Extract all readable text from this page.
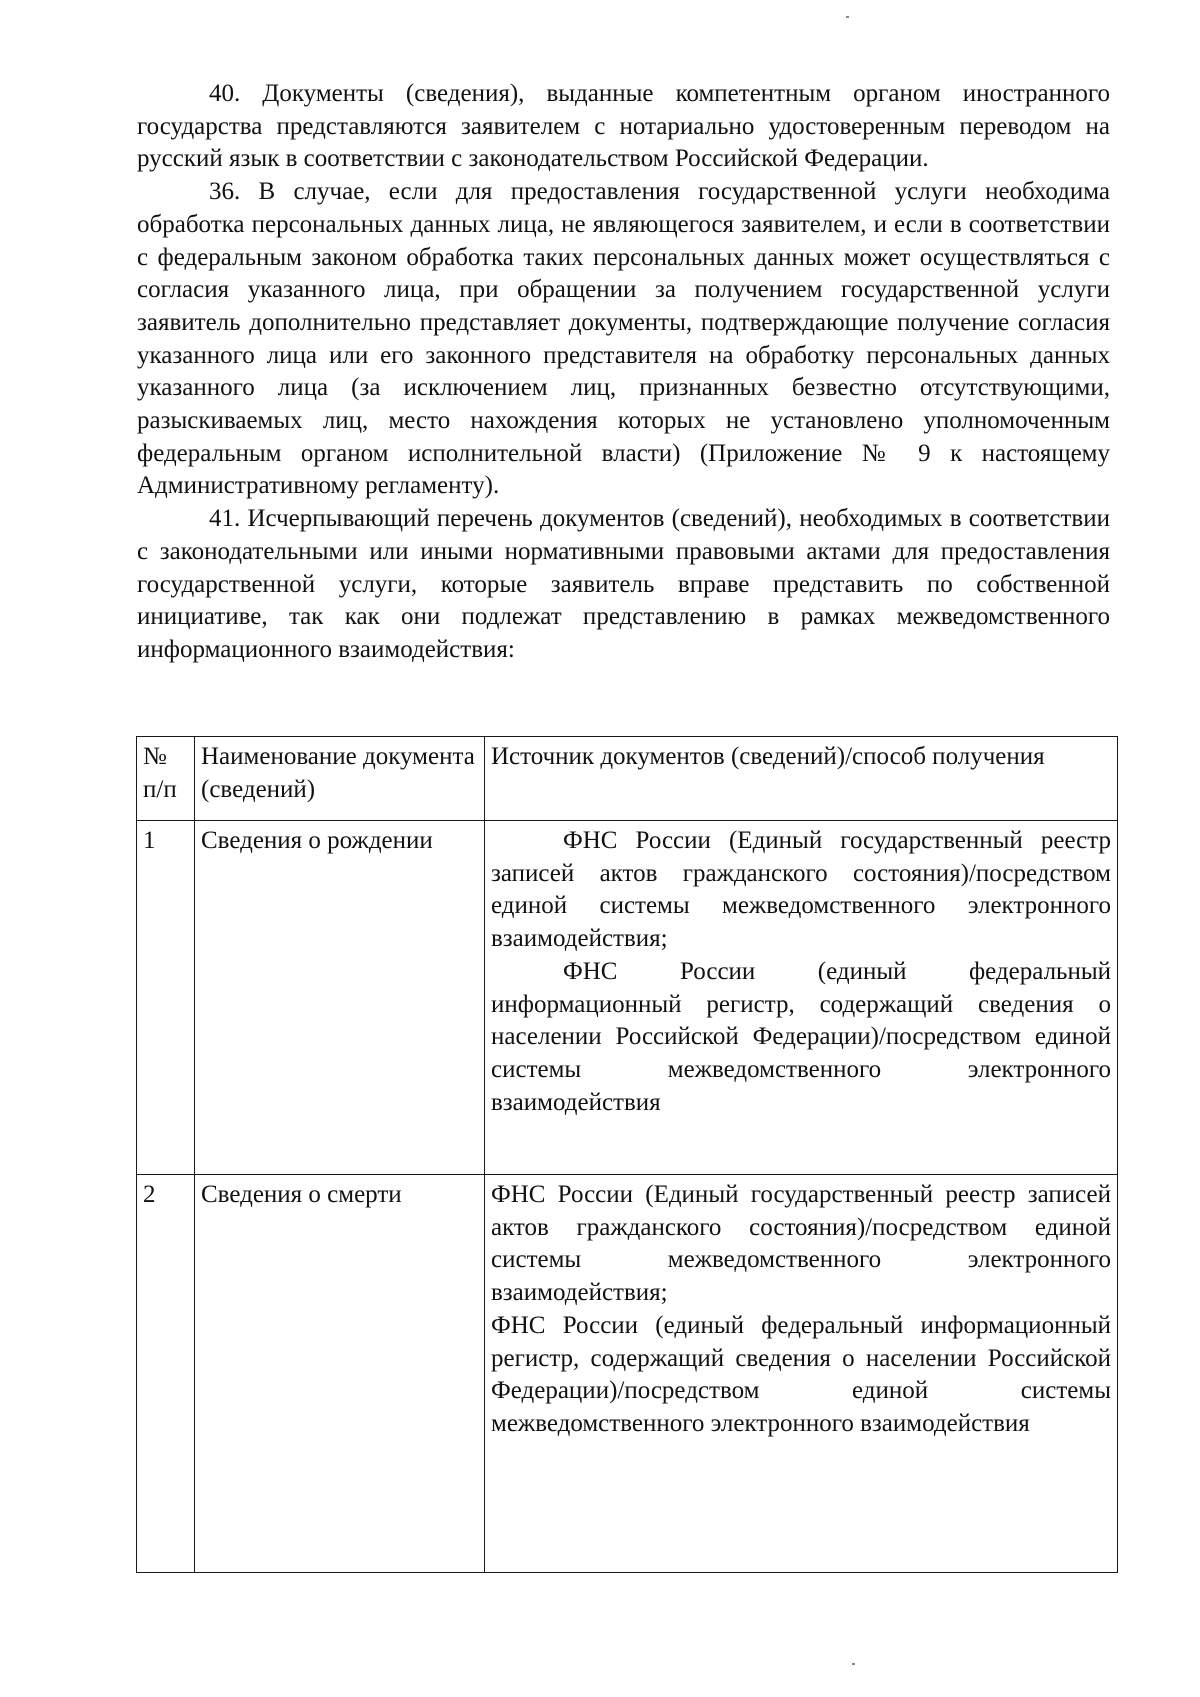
40. Документы (сведения), выданные компетентным органом иностранного государства представляются заявителем с нотариально удостоверенным переводом на русский язык в соответствии с законодательством Российской Федерации.

36. В случае, если для предоставления государственной услуги необходима обработка персональных данных лица, не являющегося заявителем, и если в соответствии с федеральным законом обработка таких персональных данных может осуществляться с согласия указанного лица, при обращении за получением государственной услуги заявитель дополнительно представляет документы, подтверждающие получение согласия указанного лица или его законного представителя на обработку персональных данных указанного лица (за исключением лиц, признанных безвестно отсутствующими, разыскиваемых лиц, место нахождения которых не установлено уполномоченным федеральным органом исполнительной власти) (Приложение № 9 к настоящему Административному регламенту).

41. Исчерпывающий перечень документов (сведений), необходимых в соответствии с законодательными или иными нормативными правовыми актами для предоставления государственной услуги, которые заявитель вправе представить по собственной инициативе, так как они подлежат представлению в рамках межведомственного информационного взаимодействия:

№ п/п	Наименование документа (сведений)	Источник документов (сведений)/способ получения
1	Сведения о рождении	ФНС России (Единый государственный реестр записей актов гражданского состояния)/посредством единой системы межведомственного электронного взаимодействия;

ФНС России (единый федеральный информационный регистр, содержащий сведения о населении Российской Федерации)/посредством единой системы межведомственного электронного взаимодействия

2	Сведения о смерти	ФНС России (Единый государственный реестр записей актов гражданского состояния)/посредством единой системы межведомственного электронного взаимодействия;

ФНС России (единый федеральный информационный регистр, содержащий сведения о населении Российской Федерации)/посредством единой системы межведомственного электронного взаимодействия
